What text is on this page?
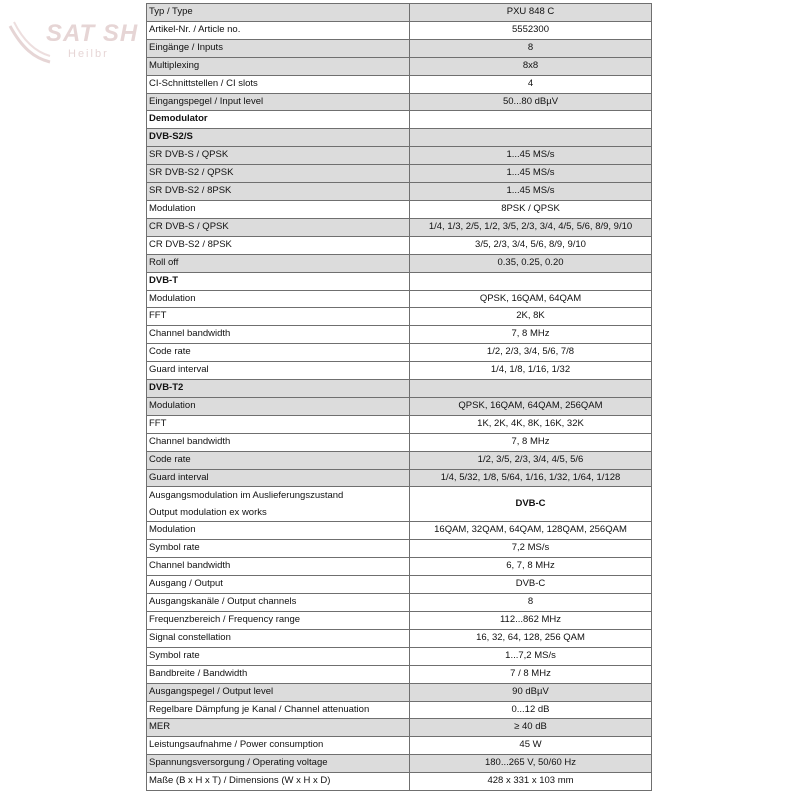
SAT SH
Heilbr
Typ / Type	PXU 848 C
Artikel-Nr. / Article no.	5552300
Eingänge / Inputs	8
Multiplexing	8x8
CI-Schnittstellen / CI slots	4
Eingangspegel / Input level	50...80 dBµV
Demodulator	
DVB-S2/S	
SR DVB-S / QPSK	1...45 MS/s
SR DVB-S2 / QPSK	1...45 MS/s
SR DVB-S2 / 8PSK	1...45 MS/s
Modulation	8PSK / QPSK
CR DVB-S / QPSK	1/4, 1/3, 2/5, 1/2, 3/5, 2/3, 3/4, 4/5, 5/6, 8/9, 9/10
CR DVB-S2 / 8PSK	3/5, 2/3, 3/4, 5/6, 8/9, 9/10
Roll off	0.35, 0.25, 0.20
DVB-T	
Modulation	QPSK, 16QAM, 64QAM
FFT	2K, 8K
Channel bandwidth	7, 8 MHz
Code rate	1/2, 2/3, 3/4, 5/6, 7/8
Guard interval	1/4, 1/8, 1/16, 1/32
DVB-T2	
Modulation	QPSK, 16QAM, 64QAM, 256QAM
FFT	1K, 2K, 4K, 8K, 16K, 32K
Channel bandwidth	7, 8 MHz
Code rate	1/2, 3/5, 2/3, 3/4, 4/5, 5/6
Guard interval	1/4, 5/32, 1/8, 5/64, 1/16, 1/32, 1/64, 1/128

Ausgangsmodulation im Auslieferungszustand
Output modulation ex works	DVB-C
Modulation	16QAM, 32QAM, 64QAM, 128QAM, 256QAM
Symbol rate	7,2 MS/s
Channel bandwidth	6, 7, 8 MHz
Ausgang / Output	DVB-C
Ausgangskanäle / Output channels	8
Frequenzbereich / Frequency range	112...862 MHz
Signal constellation	16, 32, 64, 128, 256 QAM
Symbol rate	1...7,2 MS/s
Bandbreite / Bandwidth	7 / 8 MHz
Ausgangspegel / Output level	90 dBµV
Regelbare Dämpfung je Kanal / Channel attenuation	0...12 dB
MER	≥ 40 dB
Leistungsaufnahme / Power consumption	45 W
Spannungsversorgung / Operating voltage	180...265 V, 50/60 Hz
Maße (B x H x T) / Dimensions (W x H x D)	428 x 331 x 103 mm
